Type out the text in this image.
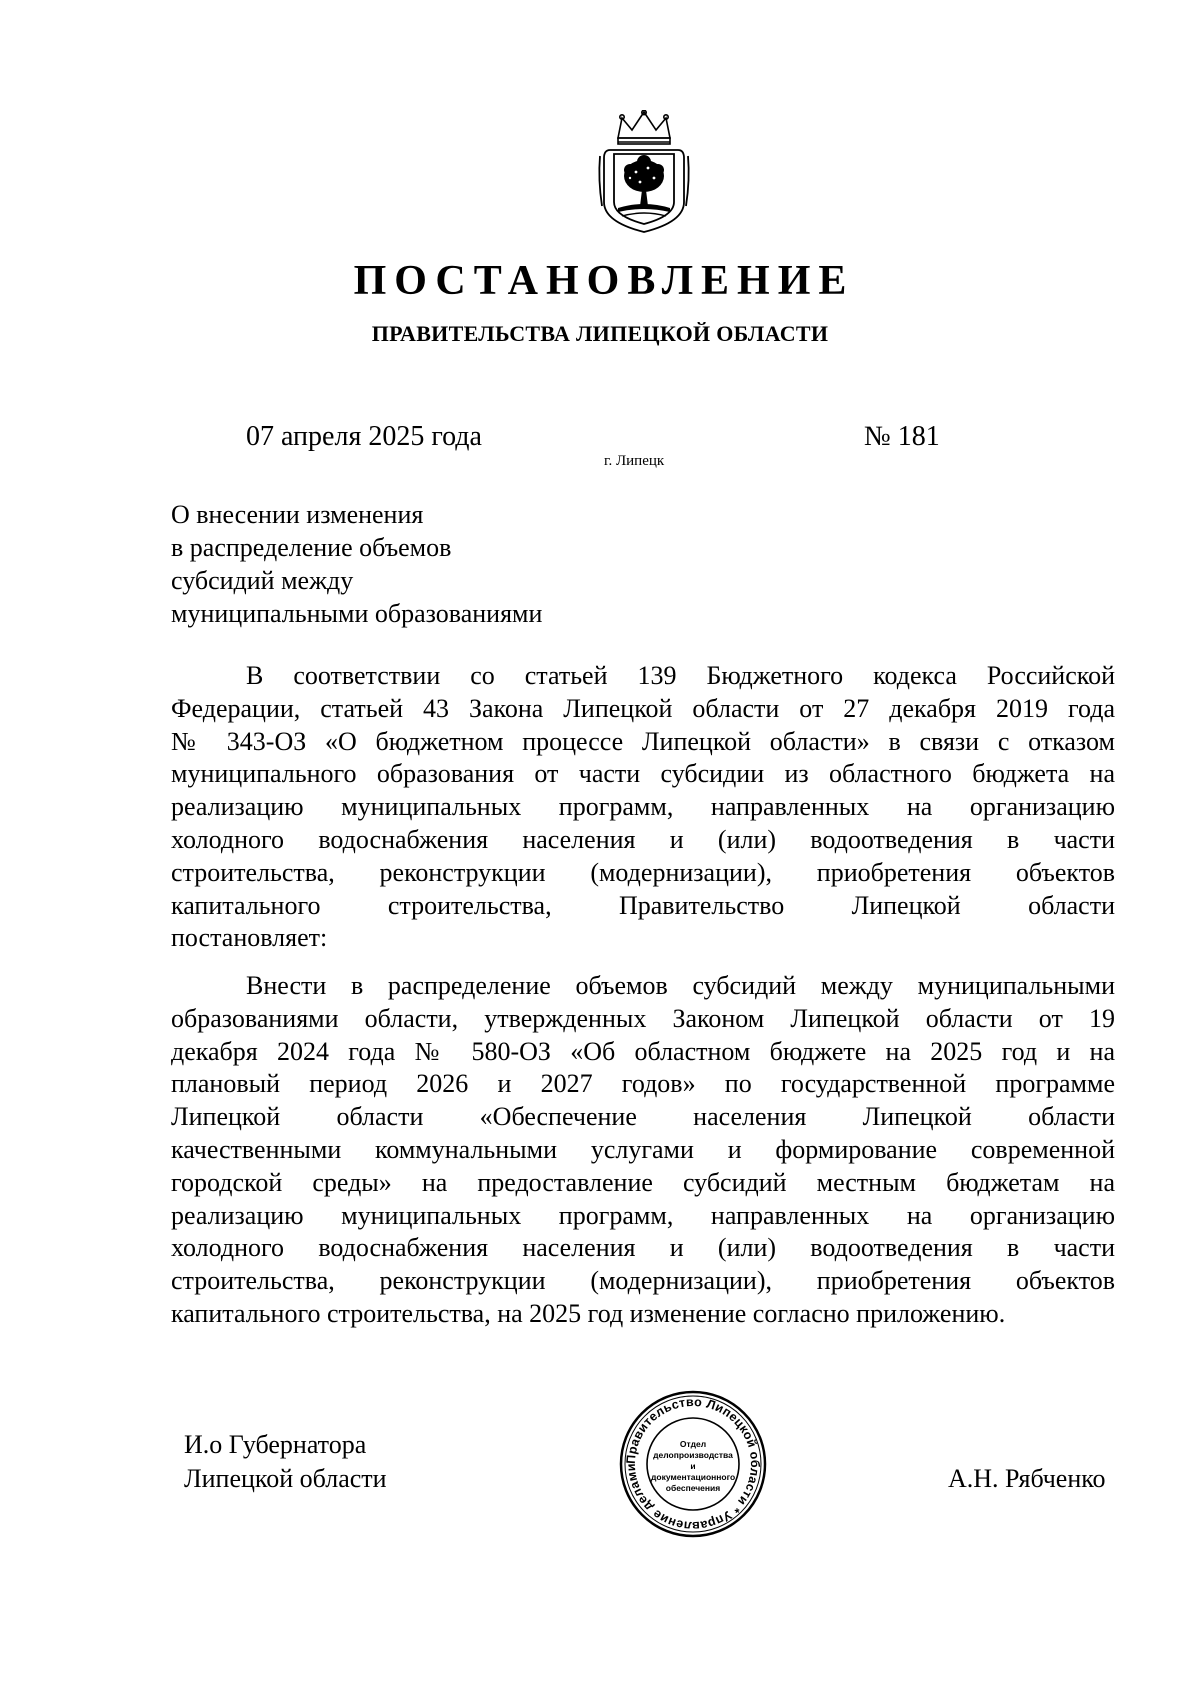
ПОСТАНОВЛЕНИЕ
ПРАВИТЕЛЬСТВА ЛИПЕЦКОЙ ОБЛАСТИ
07 апреля 2025 года
г. Липецк
№ 181
О внесении изменения
в распределение объемов
субсидий между
муниципальными образованиями
В соответствии со статьей 139 Бюджетного кодекса Российской
Федерации, статьей 43 Закона Липецкой области от 27 декабря 2019 года
№ 343-ОЗ «О бюджетном процессе Липецкой области» в связи с отказом
муниципального образования от части субсидии из областного бюджета на
реализацию муниципальных программ, направленных на организацию
холодного водоснабжения населения и (или) водоотведения в части
строительства, реконструкции (модернизации), приобретения объектов
капитального строительства, Правительство Липецкой области
постановляет:
Внести в распределение объемов субсидий между муниципальными
образованиями области, утвержденных Законом Липецкой области от 19
декабря 2024 года № 580-ОЗ «Об областном бюджете на 2025 год и на
плановый период 2026 и 2027 годов» по государственной программе
Липецкой области «Обеспечение населения Липецкой области
качественными коммунальными услугами и формирование современной
городской среды» на предоставление субсидий местным бюджетам на
реализацию муниципальных программ, направленных на организацию
холодного водоснабжения населения и (или) водоотведения в части
строительства, реконструкции (модернизации), приобретения объектов
капитального строительства, на 2025 год изменение согласно приложению.
И.о Губернатора
Липецкой области
Правительство Липецкой области * Управление делами
Отдел делопроизводства и документационного обеспечения	А.Н. Рябченко
